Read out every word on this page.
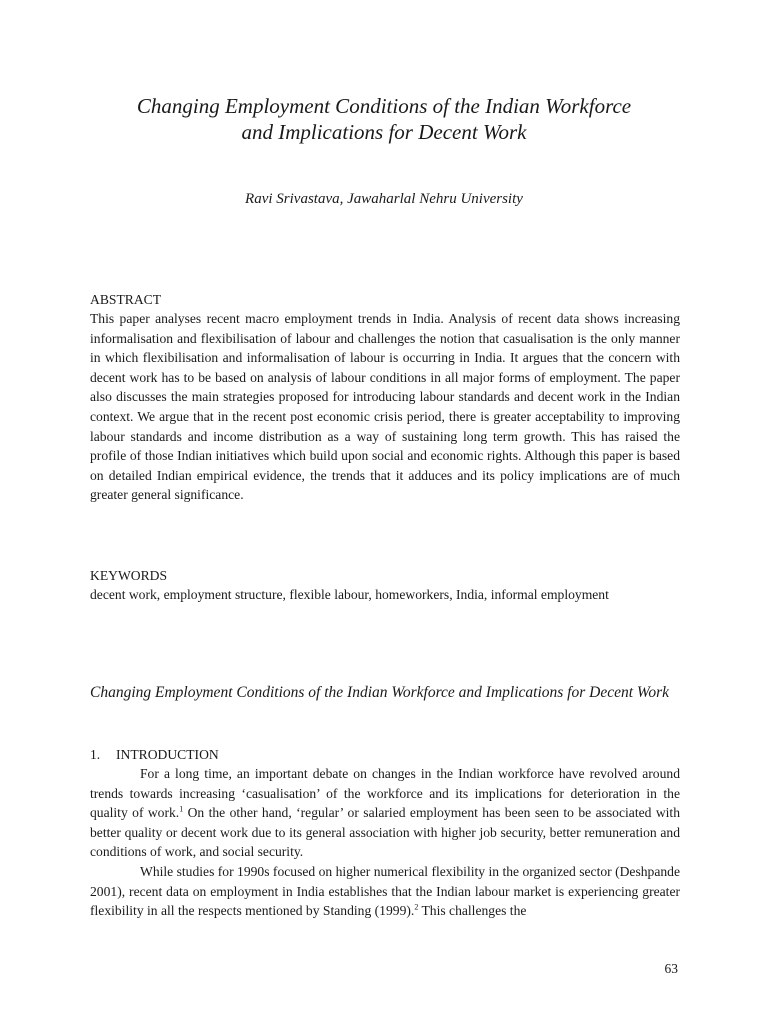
Changing Employment Conditions of the Indian Workforce
and Implications for Decent Work
Ravi Srivastava, Jawaharlal Nehru University
ABSTRACT

This paper analyses recent macro employment trends in India. Analysis of recent data shows increasing informalisation and flexibilisation of labour and challenges the notion that casualisation is the only manner in which flexibilisation and informalisation of labour is occurring in India. It argues that the concern with decent work has to be based on analysis of labour conditions in all major forms of employment. The paper also discusses the main strategies proposed for introducing labour standards and decent work in the Indian context. We argue that in the recent post economic crisis period, there is greater acceptability to improving labour standards and income distribution as a way of sustaining long term growth. This has raised the profile of those Indian initiatives which build upon social and economic rights. Although this paper is based on detailed Indian empirical evidence, the trends that it adduces and its policy implications are of much greater general significance.

KEYWORDS

decent work, employment structure, flexible labour, homeworkers, India, informal employment

Changing Employment Conditions of the Indian Workforce and Implications for Decent Work
1. INTRODUCTION

For a long time, an important debate on changes in the Indian workforce have revolved around trends towards increasing ‘casualisation’ of the workforce and its implications for deterioration in the quality of work.$^1$ On the other hand, ‘regular’ or salaried employment has been seen to be associated with better quality or decent work due to its general association with higher job security, better remuneration and conditions of work, and social security.

While studies for 1990s focused on higher numerical flexibility in the organized sector (Deshpande 2001), recent data on employment in India establishes that the Indian labour market is experiencing greater flexibility in all the respects mentioned by Standing (1999).$^2$ This challenges the

63
